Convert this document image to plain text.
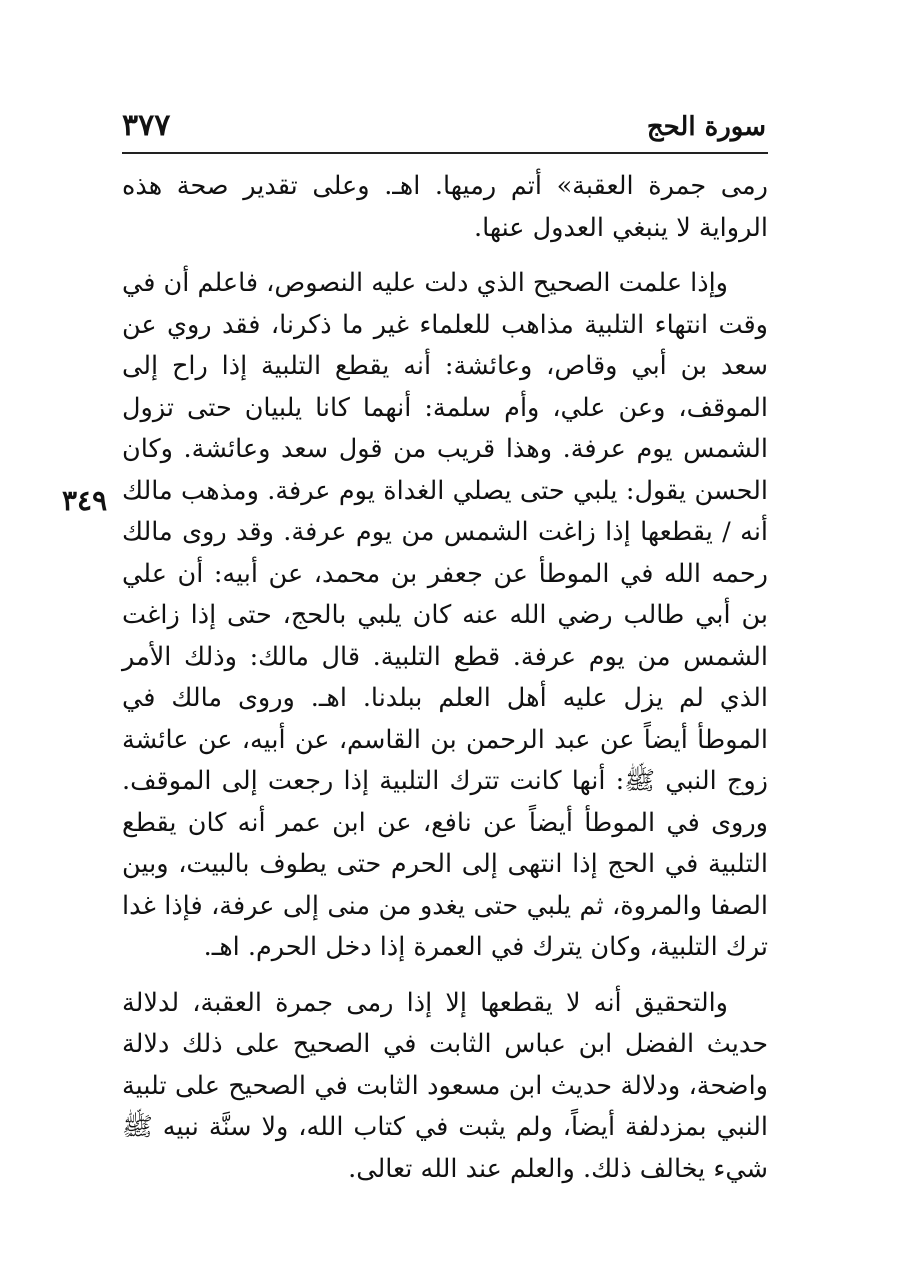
سورة الحج
٣٧٧
٣٤٩

رمى جمرة العقبة» أتم رميها. اهـ. وعلى تقدير صحة هذه الرواية لا ينبغي العدول عنها.

وإذا علمت الصحيح الذي دلت عليه النصوص، فاعلم أن في وقت انتهاء التلبية مذاهب للعلماء غير ما ذكرنا، فقد روي عن سعد بن أبي وقاص، وعائشة: أنه يقطع التلبية إذا راح إلى الموقف، وعن علي، وأم سلمة: أنهما كانا يلبيان حتى تزول الشمس يوم عرفة. وهذا قريب من قول سعد وعائشة. وكان الحسن يقول: يلبي حتى يصلي الغداة يوم عرفة. ومذهب مالك أنه / يقطعها إذا زاغت الشمس من يوم عرفة. وقد روى مالك رحمه الله في الموطأ عن جعفر بن محمد، عن أبيه: أن علي بن أبي طالب رضي الله عنه كان يلبي بالحج، حتى إذا زاغت الشمس من يوم عرفة. قطع التلبية. قال مالك: وذلك الأمر الذي لم يزل عليه أهل العلم ببلدنا. اهـ. وروى مالك في الموطأ أيضاً عن عبد الرحمن بن القاسم، عن أبيه، عن عائشة زوج النبي ﷺ: أنها كانت تترك التلبية إذا رجعت إلى الموقف. وروى في الموطأ أيضاً عن نافع، عن ابن عمر أنه كان يقطع التلبية في الحج إذا انتهى إلى الحرم حتى يطوف بالبيت، وبين الصفا والمروة، ثم يلبي حتى يغدو من منى إلى عرفة، فإذا غدا ترك التلبية، وكان يترك في العمرة إذا دخل الحرم. اهـ.

والتحقيق أنه لا يقطعها إلا إذا رمى جمرة العقبة، لدلالة حديث الفضل ابن عباس الثابت في الصحيح على ذلك دلالة واضحة، ودلالة حديث ابن مسعود الثابت في الصحيح على تلبية النبي بمزدلفة أيضاً، ولم يثبت في كتاب الله، ولا سنَّة نبيه ﷺ شيء يخالف ذلك. والعلم عند الله تعالى.
